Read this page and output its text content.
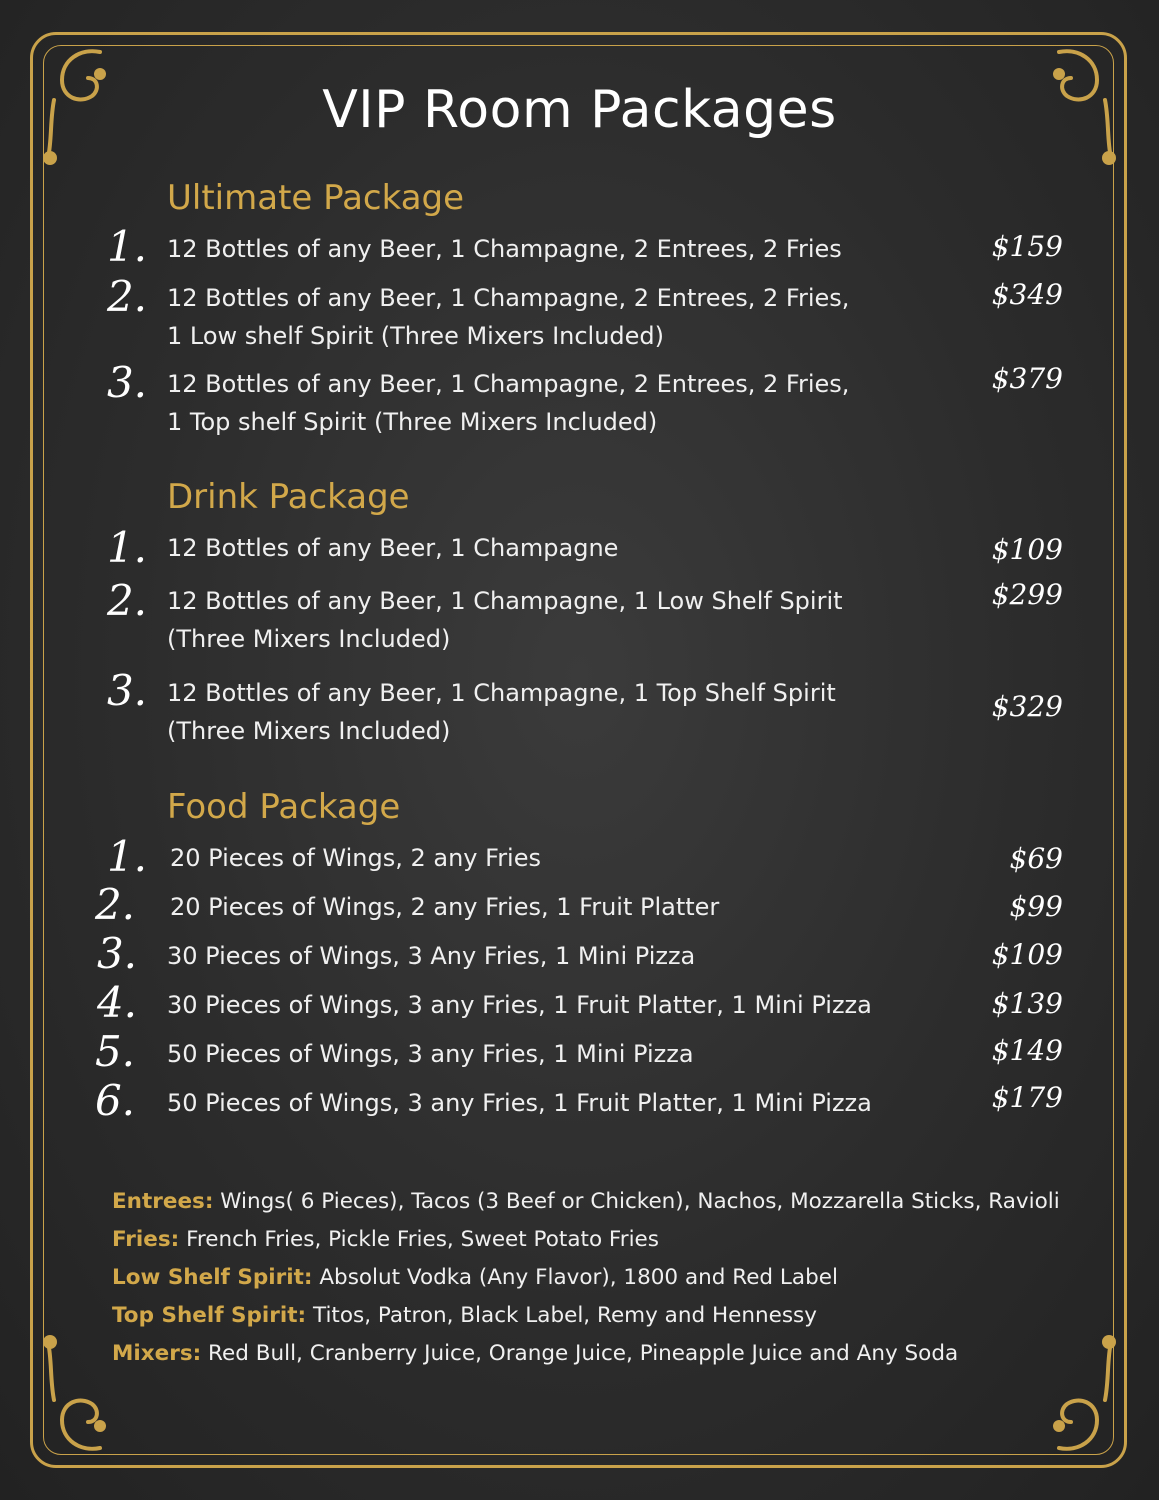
VIP Room Packages
Ultimate Package
1. 12 Bottles of any Beer, 1 Champagne, 2 Entrees, 2 Fries	$159
2. 12 Bottles of any Beer, 1 Champagne, 2 Entrees, 2 Fries,
1 Low shelf Spirit (Three Mixers Included)
$349
3. 12 Bottles of any Beer, 1 Champagne, 2 Entrees, 2 Fries,
1 Top shelf Spirit (Three Mixers Included)
$379
Drink Package
1. 12 Bottles of any Beer, 1 Champagne	$109
2. 12 Bottles of any Beer, 1 Champagne, 1 Low Shelf Spirit
(Three Mixers Included)
$299
3. 12 Bottles of any Beer, 1 Champagne, 1 Top Shelf Spirit
(Three Mixers Included)
$329
Food Package
1. 20 Pieces of Wings, 2 any Fries	$69
2.	20 Pieces of Wings, 2 any Fries, 1 Fruit Platter	$99
3.	30 Pieces of Wings, 3 Any Fries, 1 Mini Pizza	$109
4.	30 Pieces of Wings, 3 any Fries, 1 Fruit Platter, 1 Mini Pizza	$139
5.	50 Pieces of Wings, 3 any Fries, 1 Mini Pizza	$149
6.	50 Pieces of Wings, 3 any Fries, 1 Fruit Platter, 1 Mini Pizza	$179
Entrees: Wings( 6 Pieces), Tacos (3 Beef or Chicken), Nachos, Mozzarella Sticks, Ravioli
Fries: French Fries, Pickle Fries, Sweet Potato Fries
Low Shelf Spirit: Absolut Vodka (Any Flavor), 1800 and Red Label
Top Shelf Spirit: Titos, Patron, Black Label, Remy and Hennessy
Mixers: Red Bull, Cranberry Juice, Orange Juice, Pineapple Juice and Any Soda
